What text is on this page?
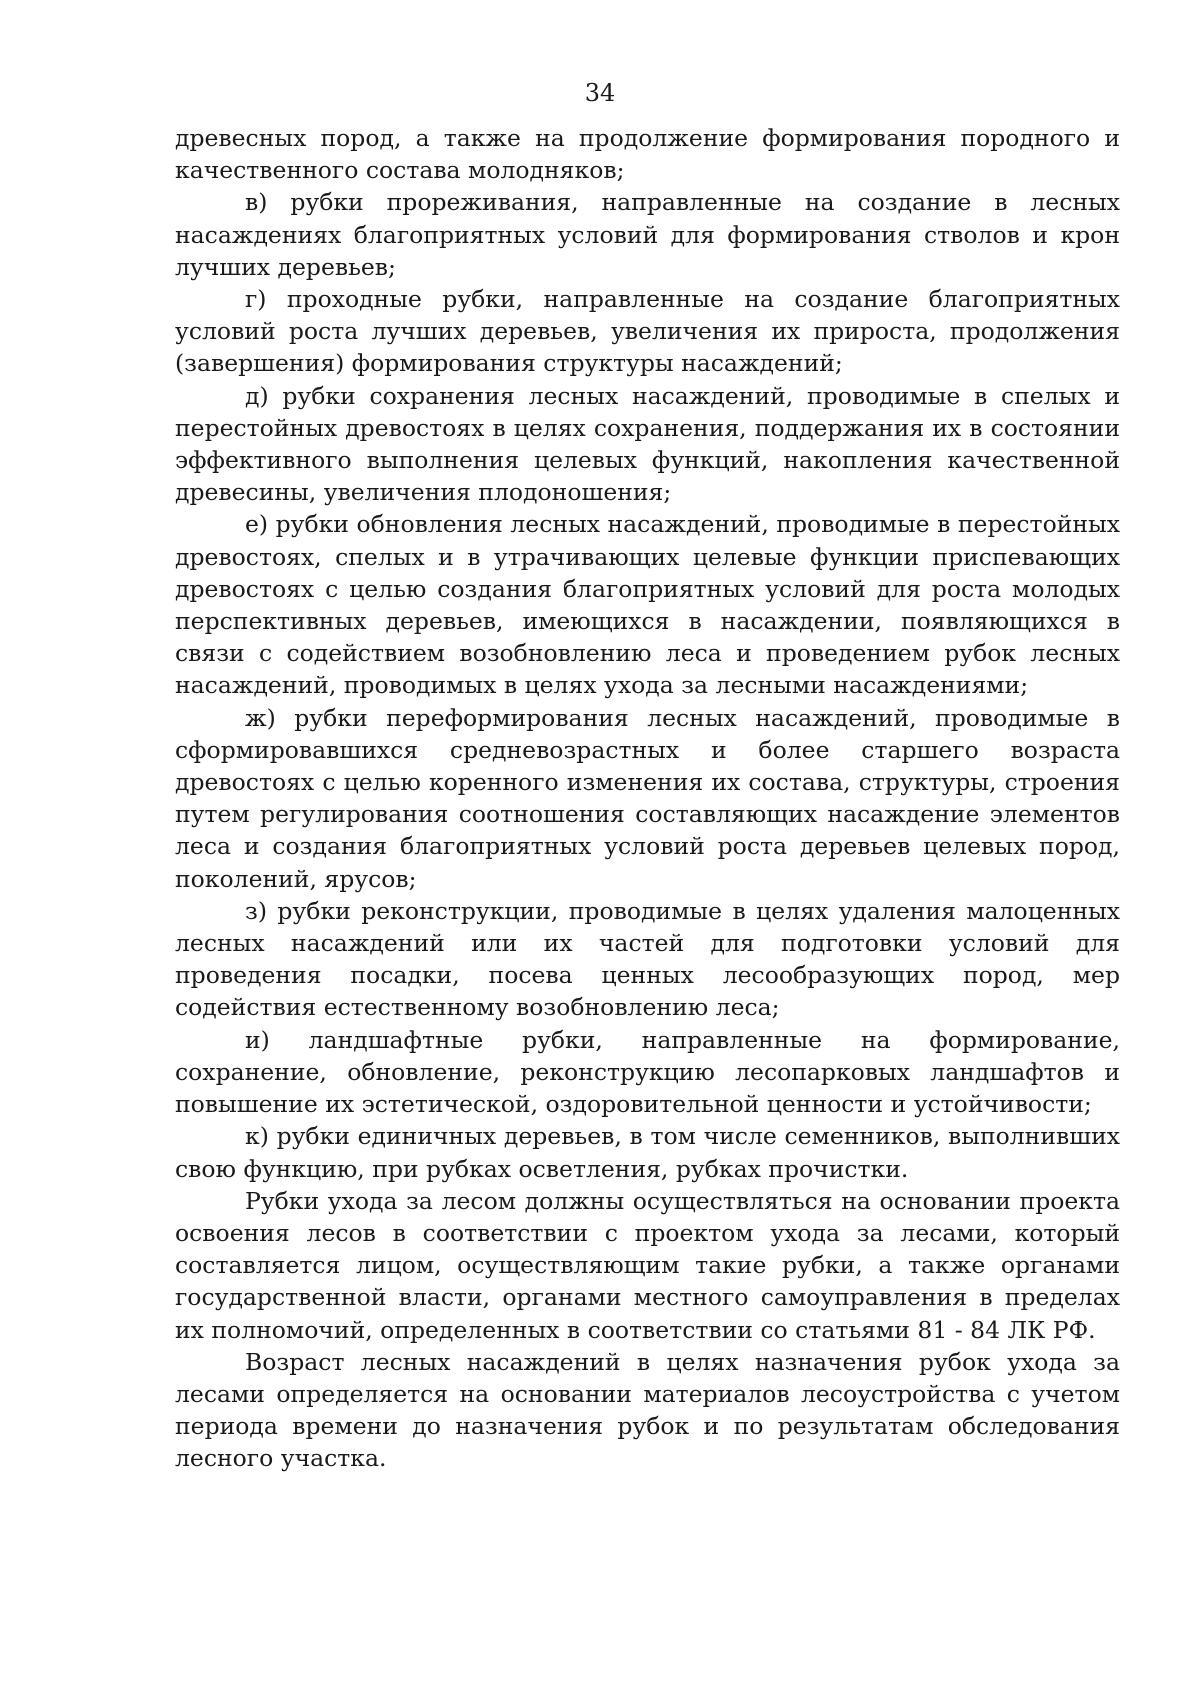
34

древесных пород, а также на продолжение формирования породного и качественного состава молодняков;

в) рубки прореживания, направленные на создание в лесных насаждениях благоприятных условий для формирования стволов и крон лучших деревьев;

г) проходные рубки, направленные на создание благоприятных условий роста лучших деревьев, увеличения их прироста, продолжения (завершения) формирования структуры насаждений;

д) рубки сохранения лесных насаждений, проводимые в спелых и перестойных древостоях в целях сохранения, поддержания их в состоянии эффективного выполнения целевых функций, накопления качественной древесины, увеличения плодоношения;

е) рубки обновления лесных насаждений, проводимые в перестойных древостоях, спелых и в утрачивающих целевые функции приспевающих древостоях с целью создания благоприятных условий для роста молодых перспективных деревьев, имеющихся в насаждении, появляющихся в связи с содействием возобновлению леса и проведением рубок лесных насаждений, проводимых в целях ухода за лесными насаждениями;

ж) рубки переформирования лесных насаждений, проводимые в сформировавшихся средневозрастных и более старшего возраста древостоях с целью коренного изменения их состава, структуры, строения путем регулирования соотношения составляющих насаждение элементов леса и создания благоприятных условий роста деревьев целевых пород, поколений, ярусов;

з) рубки реконструкции, проводимые в целях удаления малоценных лесных насаждений или их частей для подготовки условий для проведения посадки, посева ценных лесообразующих пород, мер содействия естественному возобновлению леса;

и) ландшафтные рубки, направленные на формирование, сохранение, обновление, реконструкцию лесопарковых ландшафтов и повышение их эстетической, оздоровительной ценности и устойчивости;

к) рубки единичных деревьев, в том числе семенников, выполнивших свою функцию, при рубках осветления, рубках прочистки.

Рубки ухода за лесом должны осуществляться на основании проекта освоения лесов в соответствии с проектом ухода за лесами, который составляется лицом, осуществляющим такие рубки, а также органами государственной власти, органами местного самоуправления в пределах их полномочий, определенных в соответствии со статьями 81 - 84 ЛК РФ.

Возраст лесных насаждений в целях назначения рубок ухода за лесами определяется на основании материалов лесоустройства с учетом периода времени до назначения рубок и по результатам обследования лесного участка.
